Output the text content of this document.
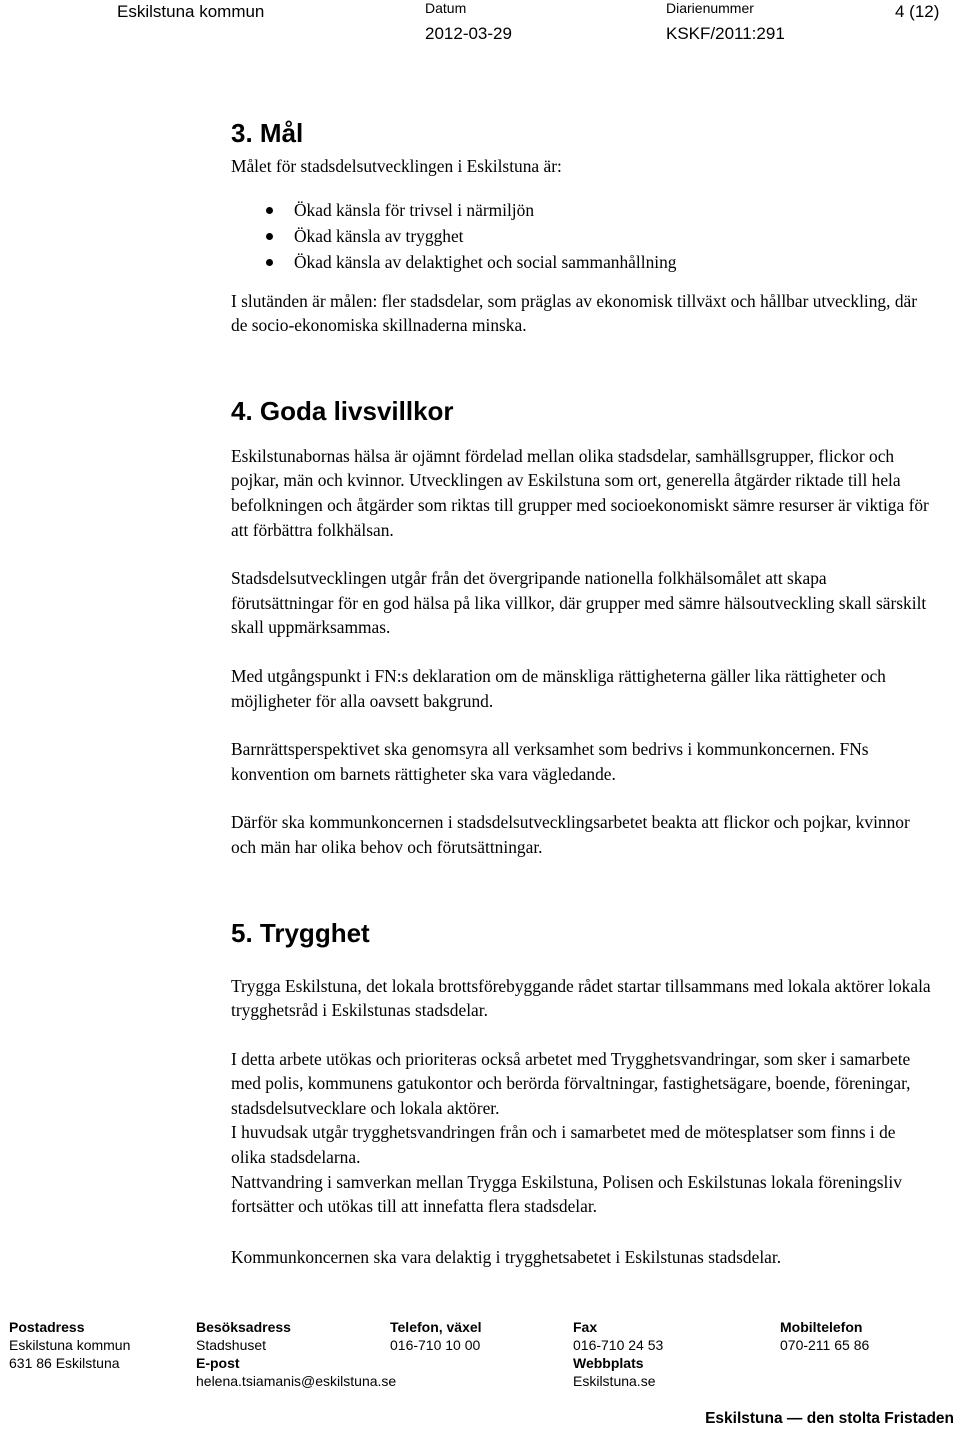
Eskilstuna kommun	Datum
2012-03-29
Diarienummer
KSKF/2011:291
4 (12)
3. Mål

Målet för stadsdelsutvecklingen i Eskilstuna är:

Ökad känsla för trivsel i närmiljön
Ökad känsla av trygghet
Ökad känsla av delaktighet och social sammanhållning

I slutänden är målen: fler stadsdelar, som präglas av ekonomisk tillväxt och hållbar utveckling, där de socio-ekonomiska skillnaderna minska.

4. Goda livsvillkor

Eskilstunabornas hälsa är ojämnt fördelad mellan olika stadsdelar, samhällsgrupper, flickor och pojkar, män och kvinnor. Utvecklingen av Eskilstuna som ort, generella åtgärder riktade till hela befolkningen och åtgärder som riktas till grupper med socioekonomiskt sämre resurser är viktiga för att förbättra folkhälsan.

Stadsdelsutvecklingen utgår från det övergripande nationella folkhälsomålet att skapa förutsättningar för en god hälsa på lika villkor, där grupper med sämre hälsoutveckling skall särskilt skall uppmärksammas.

Med utgångspunkt i FN:s deklaration om de mänskliga rättigheterna gäller lika rättigheter och möjligheter för alla oavsett bakgrund.

Barnrättsperspektivet ska genomsyra all verksamhet som bedrivs i kommunkoncernen. FNs konvention om barnets rättigheter ska vara vägledande.

Därför ska kommunkoncernen i stadsdelsutvecklingsarbetet beakta att flickor och pojkar, kvinnor och män har olika behov och förutsättningar.

5. Trygghet

Trygga Eskilstuna, det lokala brottsförebyggande rådet startar tillsammans med lokala aktörer lokala trygghetsråd i Eskilstunas stadsdelar.

I detta arbete utökas och prioriteras också arbetet med Trygghetsvandringar, som sker i samarbete med polis, kommunens gatukontor och berörda förvaltningar, fastighetsägare, boende, föreningar, stadsdelsutvecklare och lokala aktörer.

I huvudsak utgår trygghetsvandringen från och i samarbetet med de mötesplatser som finns i de olika stadsdelarna.

Nattvandring i samverkan mellan Trygga Eskilstuna, Polisen och Eskilstunas lokala föreningsliv fortsätter och utökas till att innefatta flera stadsdelar.

Kommunkoncernen ska vara delaktig i trygghetsabetet i Eskilstunas stadsdelar.

Postadress
Eskilstuna kommun
631 86 Eskilstuna
Besöksadress
Stadshuset
E-post
helena.tsiamanis@eskilstuna.se
Telefon, växel
016-710 10 00
Fax
016-710 24 53
Webbplats
Eskilstuna.se
Mobiltelefon
070-211 65 86
Eskilstuna — den stolta Fristaden
